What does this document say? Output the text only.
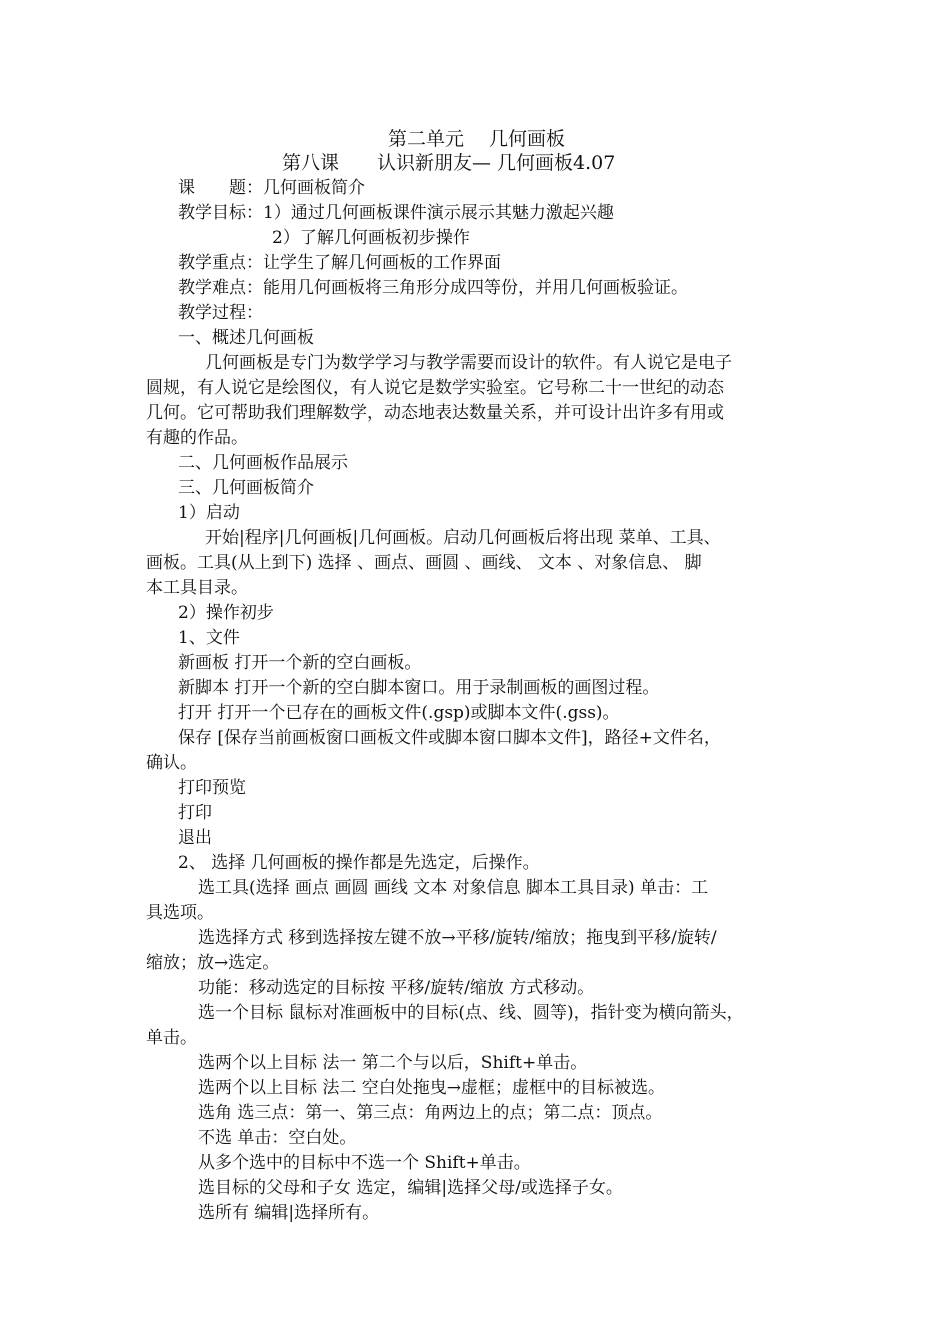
第二单元　 几何画板
第八课　　认识新朋友— 几何画板4.07
课　　题：几何画板简介
教学目标：1）通过几何画板课件演示展示其魅力激起兴趣
2）了解几何画板初步操作
教学重点：让学生了解几何画板的工作界面
教学难点：能用几何画板将三角形分成四等份，并用几何画板验证。
教学过程：
一、概述几何画板
几何画板是专门为数学学习与教学需要而设计的软件。有人说它是电子
圆规，有人说它是绘图仪，有人说它是数学实验室。它号称二十一世纪的动态
几何。它可帮助我们理解数学，动态地表达数量关系，并可设计出许多有用或
有趣的作品。
二、几何画板作品展示
三、几何画板简介
1）启动
开始|程序|几何画板|几何画板。启动几何画板后将出现 菜单、工具、
画板。工具(从上到下) 选择 、画点、画圆 、画线、 文本 、对象信息、 脚
本工具目录。
2）操作初步
1、文件
新画板 打开一个新的空白画板。
新脚本 打开一个新的空白脚本窗口。用于录制画板的画图过程。
打开 打开一个已存在的画板文件(.gsp)或脚本文件(.gss)。
保存 [保存当前画板窗口画板文件或脚本窗口脚本文件]，路径+文件名，
确认。
打印预览
打印
退出
2、 选择 几何画板的操作都是先选定，后操作。
选工具(选择 画点 画圆 画线 文本 对象信息 脚本工具目录) 单击：工
具选项。
选选择方式 移到选择按左键不放→平移/旋转/缩放；拖曳到平移/旋转/
缩放；放→选定。
功能：移动选定的目标按 平移/旋转/缩放 方式移动。
选一个目标 鼠标对准画板中的目标(点、线、圆等)，指针变为横向箭头，
单击。
选两个以上目标 法一 第二个与以后，Shift+单击。
选两个以上目标 法二 空白处拖曳→虚框；虚框中的目标被选。
选角 选三点：第一、第三点：角两边上的点；第二点：顶点。
不选 单击：空白处。
从多个选中的目标中不选一个 Shift+单击。
选目标的父母和子女 选定，编辑|选择父母/或选择子女。
选所有 编辑|选择所有。
